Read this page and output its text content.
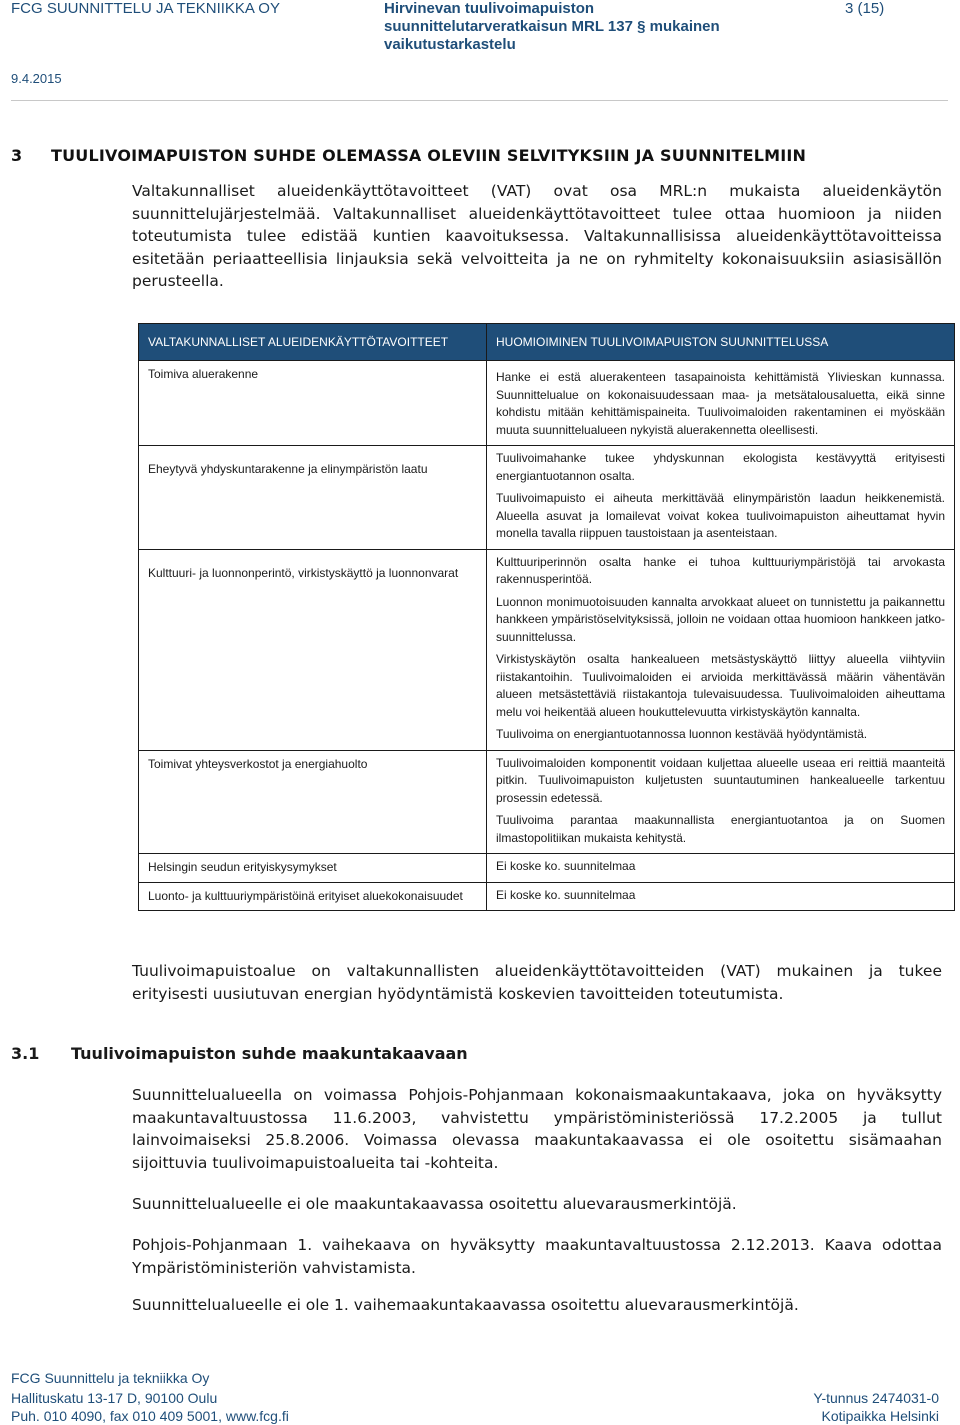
FCG SUUNNITTELU JA TEKNIIKKA OY	Hirvinevan tuulivoimapuiston suunnittelutarveratkaisun MRL 137 § mukainen vaikutustarkastelu
3 (15)
9.4.2015
3 TUULIVOIMAPUISTON SUHDE OLEMASSA OLEVIIN SELVITYKSIIN JA SUUNNITELMIIN

Valtakunnalliset alueidenkäyttötavoitteet (VAT) ovat osa MRL:n mukaista alueidenkäytön suunnittelujärjestelmää. Valtakunnalliset alueidenkäyttötavoitteet tulee ottaa huomioon ja niiden toteutumista tulee edistää kuntien kaavoituksessa. Valtakunnallisissa alueidenkäyttötavoitteissa esitetään periaatteellisia linjauksia sekä velvoitteita ja ne on ryhmitelty kokonaisuuksiin asiasisällön perusteella.

VALTAKUNNALLISET ALUEIDENKÄYTTÖTAVOITTEET	HUOMIOIMINEN TUULIVOIMAPUISTON SUUNNITTELUSSA

Toimiva aluerakenne	Hanke ei estä aluerakenteen tasapainoista kehittämistä Ylivieskan kunnassa. Suunnittelualue on kokonaisuudessaan maa- ja metsätalousaluetta, eikä sinne kohdistu mitään kehittämispaineita. Tuulivoimaloiden rakentaminen ei myöskään muuta suunnittelualueen nykyistä aluerakennetta oleellisesti.

Eheytyvä yhdyskuntarakenne ja elinympäristön laatu	Tuulivoimahanke tukee yhdyskunnan ekologista kestävyyttä erityisesti energiantuotannon osalta.

Tuulivoimapuisto ei aiheuta merkittävää elinympäristön laadun heikkenemistä. Alueella asuvat ja lomailevat voivat kokea tuulivoimapuiston aiheuttamat hyvin monella tavalla riippuen taustoistaan ja asenteistaan.

Kulttuuri- ja luonnonperintö, virkistyskäyttö ja luonnonvarat	Kulttuuriperinnön osalta hanke ei tuhoa kulttuuriympäristöjä tai arvokasta rakennusperintöä.

Luonnon monimuotoisuuden kannalta arvokkaat alueet on tunnistettu ja paikannettu hankkeen ympäristöselvityksissä, jolloin ne voidaan ottaa huomioon hankkeen jatko-suunnittelussa.

Virkistyskäytön osalta hankealueen metsästyskäyttö liittyy alueella viihtyviin riistakantoihin. Tuulivoimaloiden ei arvioida merkittävässä määrin vähentävän alueen metsästettäviä riistakantoja tulevaisuudessa. Tuulivoimaloiden aiheuttama melu voi heikentää alueen houkuttelevuutta virkistyskäytön kannalta.

Tuulivoima on energiantuotannossa luonnon kestävää hyödyntämistä.

Toimivat yhteysverkostot ja energiahuolto	Tuulivoimaloiden komponentit voidaan kuljettaa alueelle useaa eri reittiä maanteitä pitkin. Tuulivoimapuiston kuljetusten suuntautuminen hankealueelle tarkentuu prosessin edetessä.

Tuulivoima parantaa maakunnallista energiantuotantoa ja on Suomen ilmastopolitiikan mukaista kehitystä.

Helsingin seudun erityiskysymykset	Ei koske ko. suunnitelmaa

Luonto- ja kulttuuriympäristöinä erityiset aluekokonaisuudet	Ei koske ko. suunnitelmaa

Tuulivoimapuistoalue on valtakunnallisten alueidenkäyttötavoitteiden (VAT) mukainen ja tukee erityisesti uusiutuvan energian hyödyntämistä koskevien tavoitteiden toteutumista.

3.1 Tuulivoimapuiston suhde maakuntakaavaan

Suunnittelualueella on voimassa Pohjois-Pohjanmaan kokonaismaakuntakaava, joka on hyväksytty maakuntavaltuustossa 11.6.2003, vahvistettu ympäristöministeriössä 17.2.2005 ja tullut lainvoimaiseksi 25.8.2006. Voimassa olevassa maakuntakaavassa ei ole osoitettu sisämaahan sijoittuvia tuulivoimapuistoalueita tai -kohteita.

Suunnittelualueelle ei ole maakuntakaavassa osoitettu aluevarausmerkintöjä.

Pohjois-Pohjanmaan 1. vaihekaava on hyväksytty maakuntavaltuustossa 2.12.2013. Kaava odottaa Ympäristöministeriön vahvistamista.

Suunnittelualueelle ei ole 1. vaihemaakuntakaavassa osoitettu aluevarausmerkintöjä.

FCG Suunnittelu ja tekniikka Oy
Hallituskatu 13-17 D, 90100 Oulu
Puh. 010 4090, fax 010 409 5001, www.fcg.fi
Y-tunnus 2474031-0
Kotipaikka Helsinki
